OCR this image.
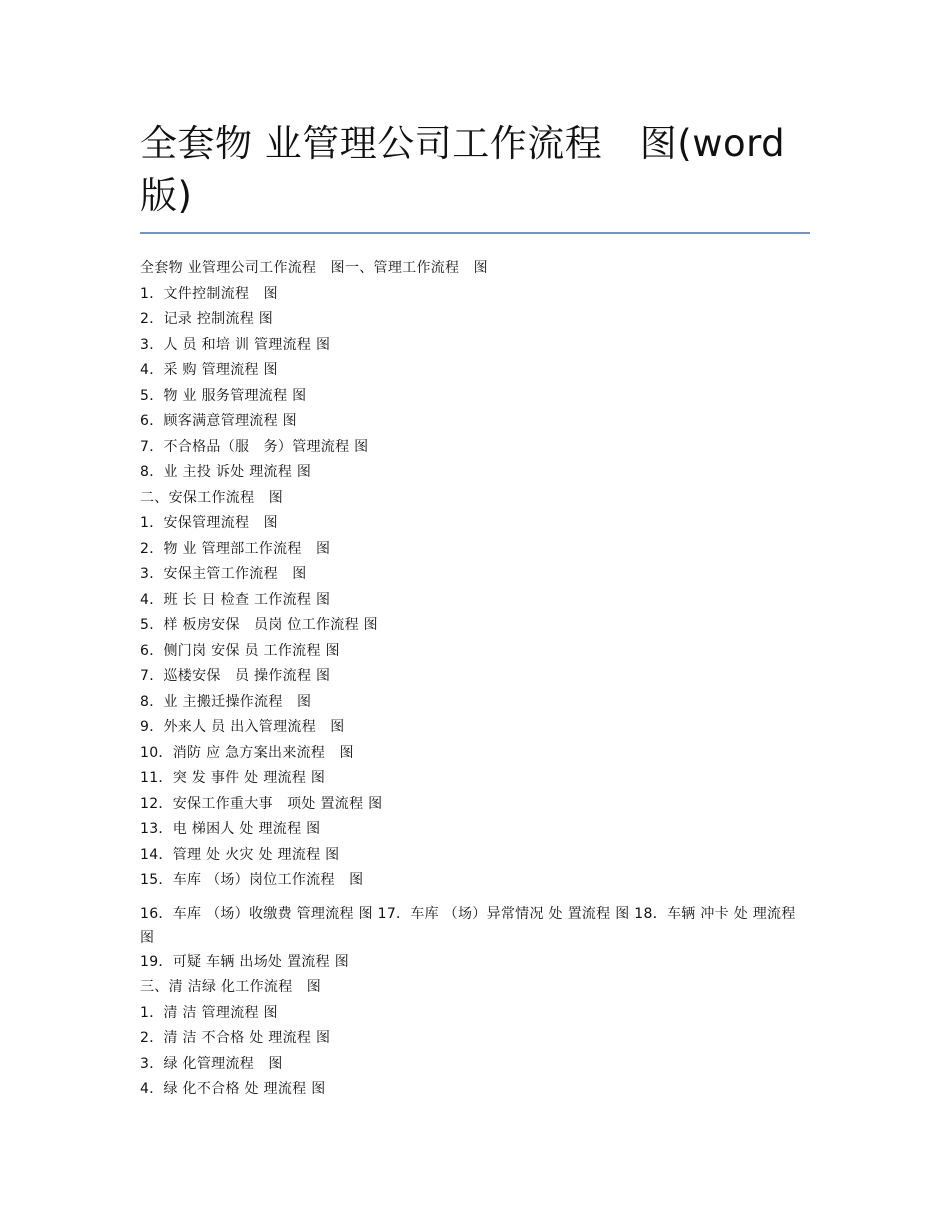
全套物 业管理公司工作流程　图(word版)
全套物 业管理公司工作流程　图一、管理工作流程　图
1．文件控制流程　图
2．记录 控制流程 图
3．人 员 和培 训 管理流程 图
4．采 购 管理流程 图
5．物 业 服务管理流程 图
6．顾客满意管理流程 图
7．不合格品（服　务）管理流程 图
8．业 主投 诉处 理流程 图
二、安保工作流程　图
1．安保管理流程　图
2．物 业 管理部工作流程　图
3．安保主管工作流程　图
4．班 长 日 检查 工作流程 图
5．样 板房安保　员岗 位工作流程 图
6．侧门岗 安保 员 工作流程 图
7．巡楼安保　员 操作流程 图
8．业 主搬迁操作流程　图
9．外来人 员 出入管理流程　图
10．消防 应 急方案出来流程　图
11．突 发 事件 处 理流程 图
12．安保工作重大事　项处 置流程 图
13．电 梯困人 处 理流程 图
14．管理 处 火灾 处 理流程 图
15．车库 （场）岗位工作流程　图
16．车库 （场）收缴费 管理流程 图 17．车库 （场）异常情况 处 置流程 图 18．车辆 冲卡 处 理流程 图
19．可疑 车辆 出场处 置流程 图
三、清 洁绿 化工作流程　图
1．清 洁 管理流程 图
2．清 洁 不合格 处 理流程 图
3．绿 化管理流程　图
4．绿 化不合格 处 理流程 图
